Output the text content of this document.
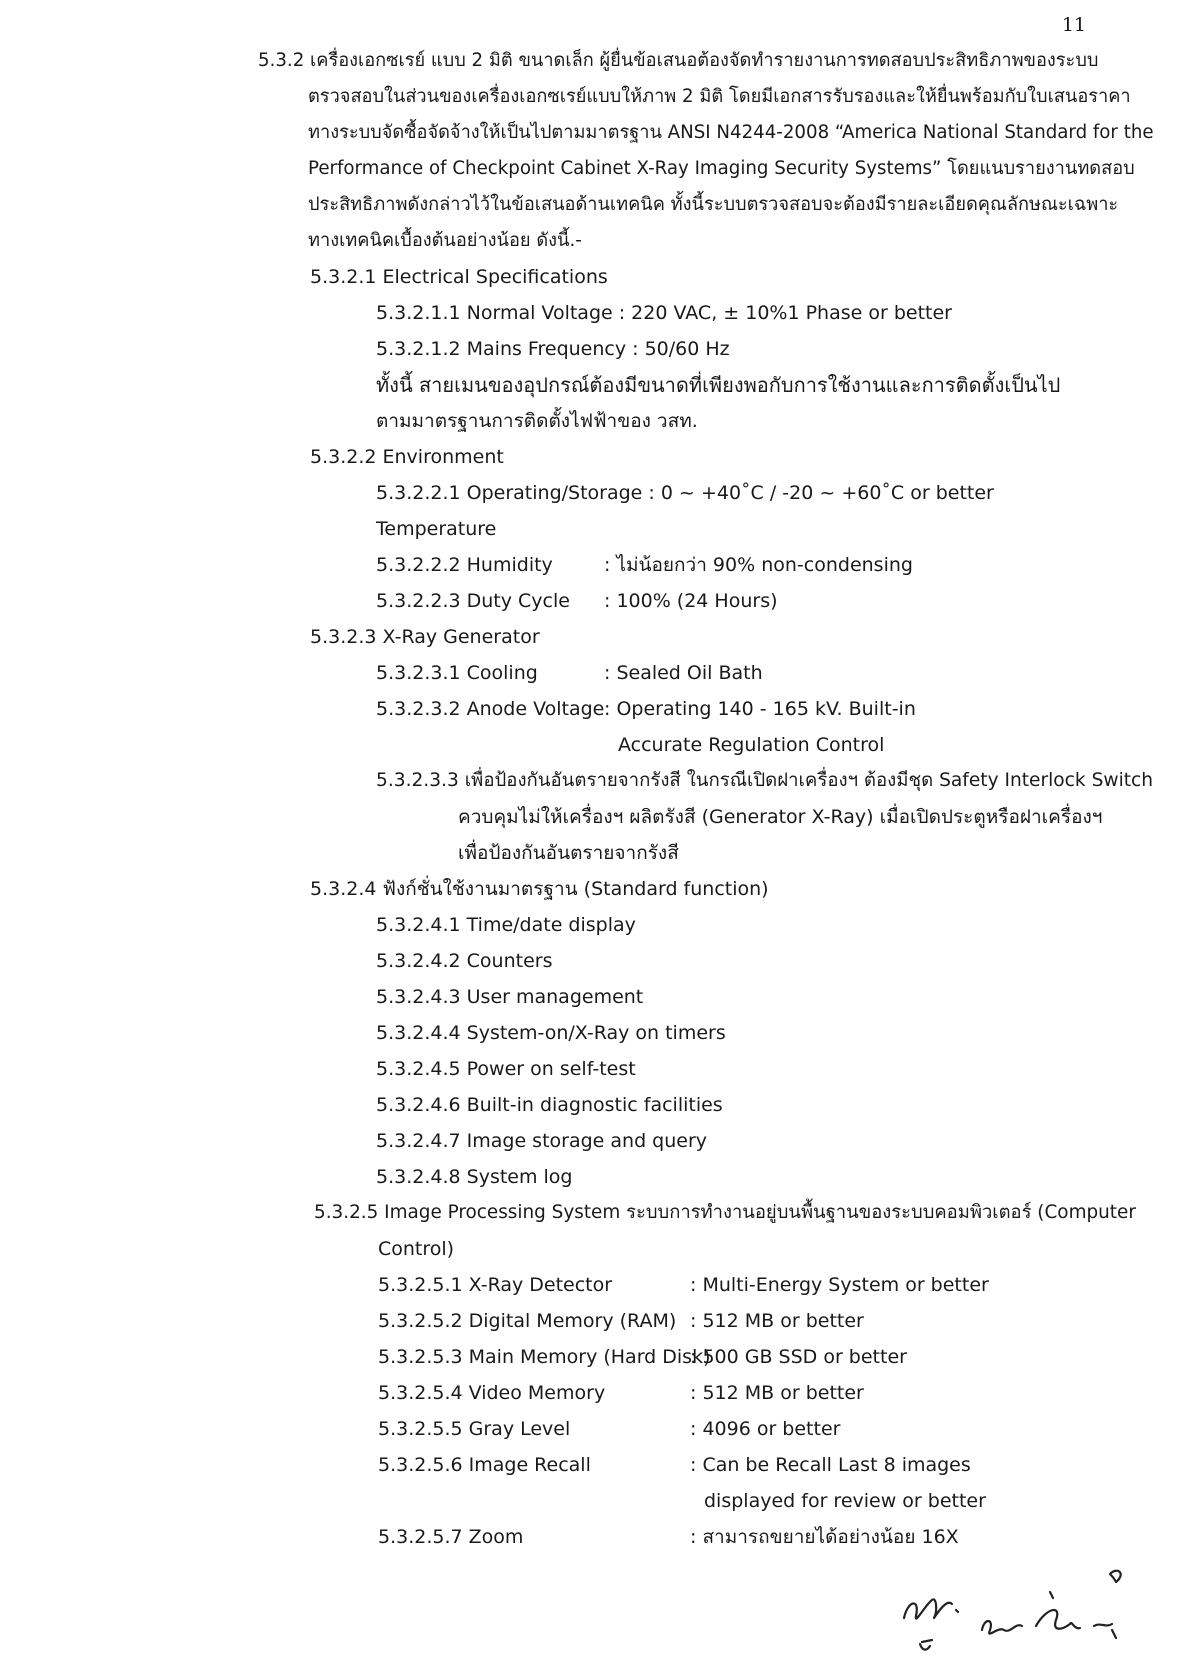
11
5.3.2 เครื่องเอกซเรย์ แบบ 2 มิติ ขนาดเล็ก ผู้ยื่นข้อเสนอต้องจัดทำรายงานการทดสอบประสิทธิภาพของระบบ
ตรวจสอบในส่วนของเครื่องเอกซเรย์แบบให้ภาพ 2 มิติ โดยมีเอกสารรับรองและให้ยื่นพร้อมกับใบเสนอราคา
ทางระบบจัดซื้อจัดจ้างให้เป็นไปตามมาตรฐาน ANSI N4244-2008 “America National Standard for the
Performance of Checkpoint Cabinet X-Ray Imaging Security Systems” โดยแนบรายงานทดสอบ
ประสิทธิภาพดังกล่าวไว้ในข้อเสนอด้านเทคนิค ทั้งนี้ระบบตรวจสอบจะต้องมีรายละเอียดคุณลักษณะเฉพาะ
ทางเทคนิคเบื้องต้นอย่างน้อย ดังนี้.-
5.3.2.1 Electrical Specifications
5.3.2.1.1 Normal Voltage : 220 VAC, ± 10%1 Phase or better
5.3.2.1.2 Mains Frequency : 50/60 Hz
ทั้งนี้ สายเมนของอุปกรณ์ต้องมีขนาดที่เพียงพอกับการใช้งานและการติดตั้งเป็นไป
ตามมาตรฐานการติดตั้งไฟฟ้าของ วสท.
5.3.2.2 Environment
5.3.2.2.1 Operating/Storage : 0 ~ +40˚C / -20 ~ +60˚C or better
Temperature
5.3.2.2.2 Humidity	: ไม่น้อยกว่า 90% non-condensing
5.3.2.2.3 Duty Cycle : 100% (24 Hours)
5.3.2.3 X-Ray Generator
5.3.2.3.1 Cooling	: Sealed Oil Bath
5.3.2.3.2 Anode Voltage : Operating 140 - 165 kV. Built-in
Accurate Regulation Control
5.3.2.3.3 เพื่อป้องกันอันตรายจากรังสี ในกรณีเปิดฝาเครื่องฯ ต้องมีชุด Safety Interlock Switch
ควบคุมไม่ให้เครื่องฯ ผลิตรังสี (Generator X-Ray) เมื่อเปิดประตูหรือฝาเครื่องฯ
เพื่อป้องกันอันตรายจากรังสี
5.3.2.4 ฟังก์ชั่นใช้งานมาตรฐาน (Standard function)
5.3.2.4.1 Time/date display
5.3.2.4.2 Counters
5.3.2.4.3 User management
5.3.2.4.4 System-on/X-Ray on timers
5.3.2.4.5 Power on self-test
5.3.2.4.6 Built-in diagnostic facilities
5.3.2.4.7 Image storage and query
5.3.2.4.8 System log
5.3.2.5 Image Processing System ระบบการทำงานอยู่บนพื้นฐานของระบบคอมพิวเตอร์ (Computer
Control)
5.3.2.5.1 X-Ray Detector	: Multi-Energy System or better
5.3.2.5.2 Digital Memory (RAM) : 512 MB or better
5.3.2.5.3 Main Memory (Hard Disk)
: 500 GB SSD or better
5.3.2.5.4 Video Memory	: 512 MB or better
5.3.2.5.5 Gray Level	: 4096 or better
5.3.2.5.6 Image Recall	: Can be Recall Last 8 images
displayed for review or better
5.3.2.5.7 Zoom	: สามารถขยายได้อย่างน้อย 16X
